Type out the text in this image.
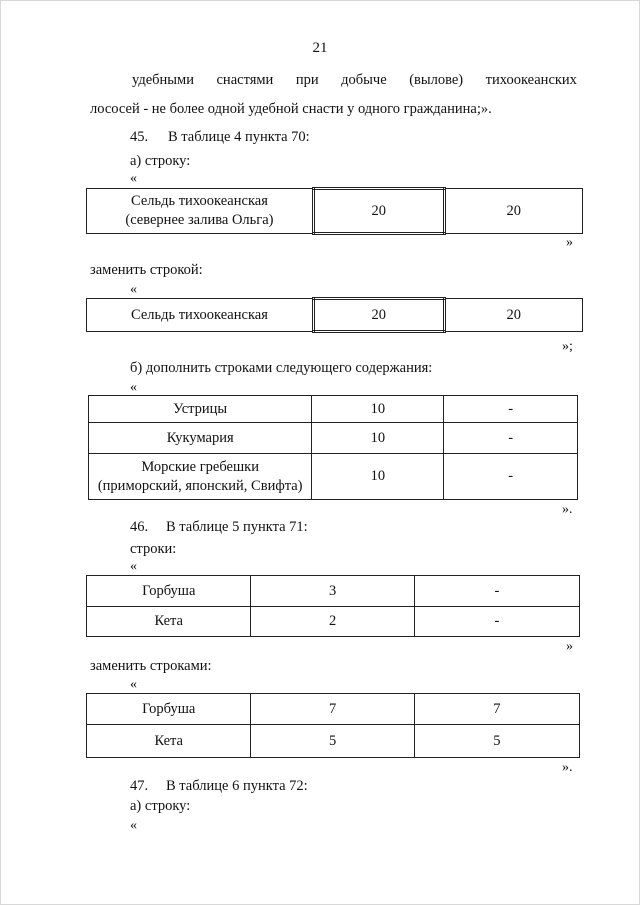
21
удебными снастями при добыче (вылове) тихоокеанских
лососей - не более одной удебной снасти у одного гражданина;».
45. В таблице 4 пункта 70:
а) строку:
«
Сельдь тихоокеанская
(севернее залива Ольга)
	20	20
»
заменить строкой:
«
Сельдь тихоокеанская	20	20
»;
б) дополнить строками следующего содержания:
«
Устрицы	10	-
Кукумария	10	-

Морские гребешки
(приморский, японский, Свифта)	10	-
».
46. В таблице 5 пункта 71:
строки:
«
Горбуша	3	-
Кета	2	-
»
заменить строками:
«
Горбуша	7	7
Кета	5	5
».
47. В таблице 6 пункта 72:
а) строку:
«
